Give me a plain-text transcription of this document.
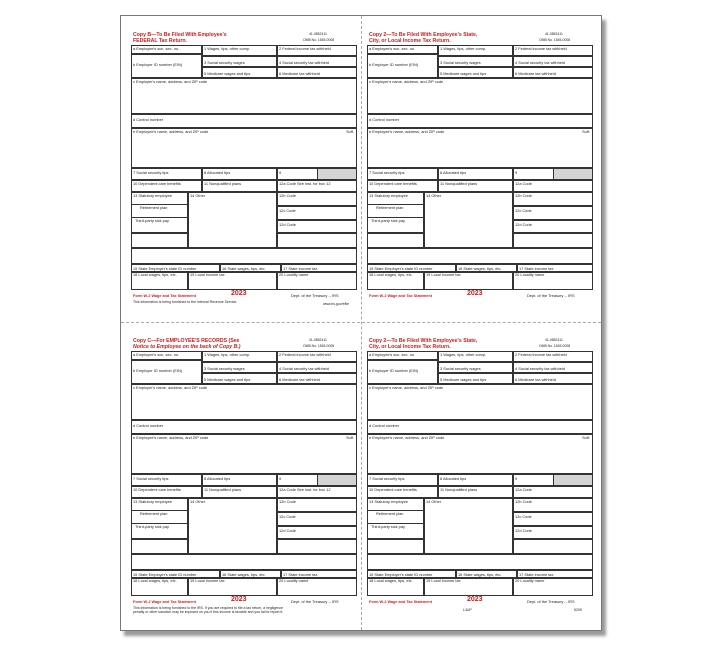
Copy B—To Be Filed With Employee's
FEDERAL Tax Return.
41-0852411
OMB No. 1545-0008
a Employee's soc. sec. no.
b Employer ID number (EIN)
1 Wages, tips, other comp.	2 Federal income tax withheld
3 Social security wages	4 Social security tax withheld
5 Medicare wages and tips	6 Medicare tax withheld
c Employer's name, address, and ZIP code
d Control number
e Employee's name, address, and ZIP code	Suff.
7 Social security tips	8 Allocated tips	9
10 Dependent care benefits	11 Nonqualified plans	12a Code See inst. for box 12
13 Statutory employee
Retirement plan
Third-party sick pay
14 Other	12b Code
12c Code
12d Code
15 State Employer's state ID number	16 State wages, tips, etc.	17 State income tax
18 Local wages, tips, etc.	19 Local income tax	20 Locality name
Form W-2 Wage and Tax Statement	2023	Dept. of the Treasury -- IRS
This information is being furnished to the Internal Revenue Service.	www.irs.gov/efile
Copy 2—To Be Filed With Employee's State,
City, or Local Income Tax Return.
41-0852411
OMB No. 1545-0008
a Employee's soc. sec. no.
b Employer ID number (EIN)
1 Wages, tips, other comp.	2 Federal income tax withheld
3 Social security wages	4 Social security tax withheld
5 Medicare wages and tips	6 Medicare tax withheld
c Employer's name, address, and ZIP code
d Control number
e Employee's name, address, and ZIP code	Suff.
7 Social security tips	8 Allocated tips	9
10 Dependent care benefits	11 Nonqualified plans	12a Code
13 Statutory employee
Retirement plan
Third-party sick pay
14 Other	12b Code
12c Code
12d Code
15 State Employer's state ID number	16 State wages, tips, etc.	17 State income tax
18 Local wages, tips, etc.	19 Local income tax	20 Locality name
Form W-2 Wage and Tax Statement	2023	Dept. of the Treasury -- IRS
Copy C—For EMPLOYEE'S RECORDS (See
Notice to Employee on the back of Copy B.)
41-0852411
OMB No. 1545-0008
a Employee's soc. sec. no.
b Employer ID number (EIN)
1 Wages, tips, other comp.	2 Federal income tax withheld
3 Social security wages	4 Social security tax withheld
5 Medicare wages and tips	6 Medicare tax withheld
c Employer's name, address, and ZIP code
d Control number
e Employee's name, address, and ZIP code	Suff.
7 Social security tips	8 Allocated tips	9
10 Dependent care benefits	11 Nonqualified plans	12a Code See inst. for box 12
13 Statutory employee
Retirement plan
Third-party sick pay
14 Other	12b Code
12c Code
12d Code
15 State Employer's state ID number	16 State wages, tips, etc.	17 State income tax
18 Local wages, tips, etc.	19 Local income tax	20 Locality name
Form W-2 Wage and Tax Statement	2023	Dept. of the Treasury -- IRS
This information is being furnished to the IRS. If you are required to file a tax return, a negligence
penalty or other sanction may be imposed on you if this income is taxable and you fail to report it.
Copy 2—To Be Filed With Employee's State,
City, or Local Income Tax Return.
41-0852411
OMB No. 1545-0008
a Employee's soc. sec. no.
b Employer ID number (EIN)
1 Wages, tips, other comp.	2 Federal income tax withheld
3 Social security wages	4 Social security tax withheld
5 Medicare wages and tips	6 Medicare tax withheld
c Employer's name, address, and ZIP code
d Control number
e Employee's name, address, and ZIP code	Suff.
7 Social security tips	8 Allocated tips	9
10 Dependent care benefits	11 Nonqualified plans	12a Code
13 Statutory employee
Retirement plan
Third-party sick pay
14 Other	12b Code
12c Code
12d Code
15 State Employer's state ID number	16 State wages, tips, etc.	17 State income tax
18 Local wages, tips, etc.	19 Local income tax	20 Locality name
Form W-2 Wage and Tax Statement	2023	Dept. of the Treasury -- IRS
L4UP	5205
